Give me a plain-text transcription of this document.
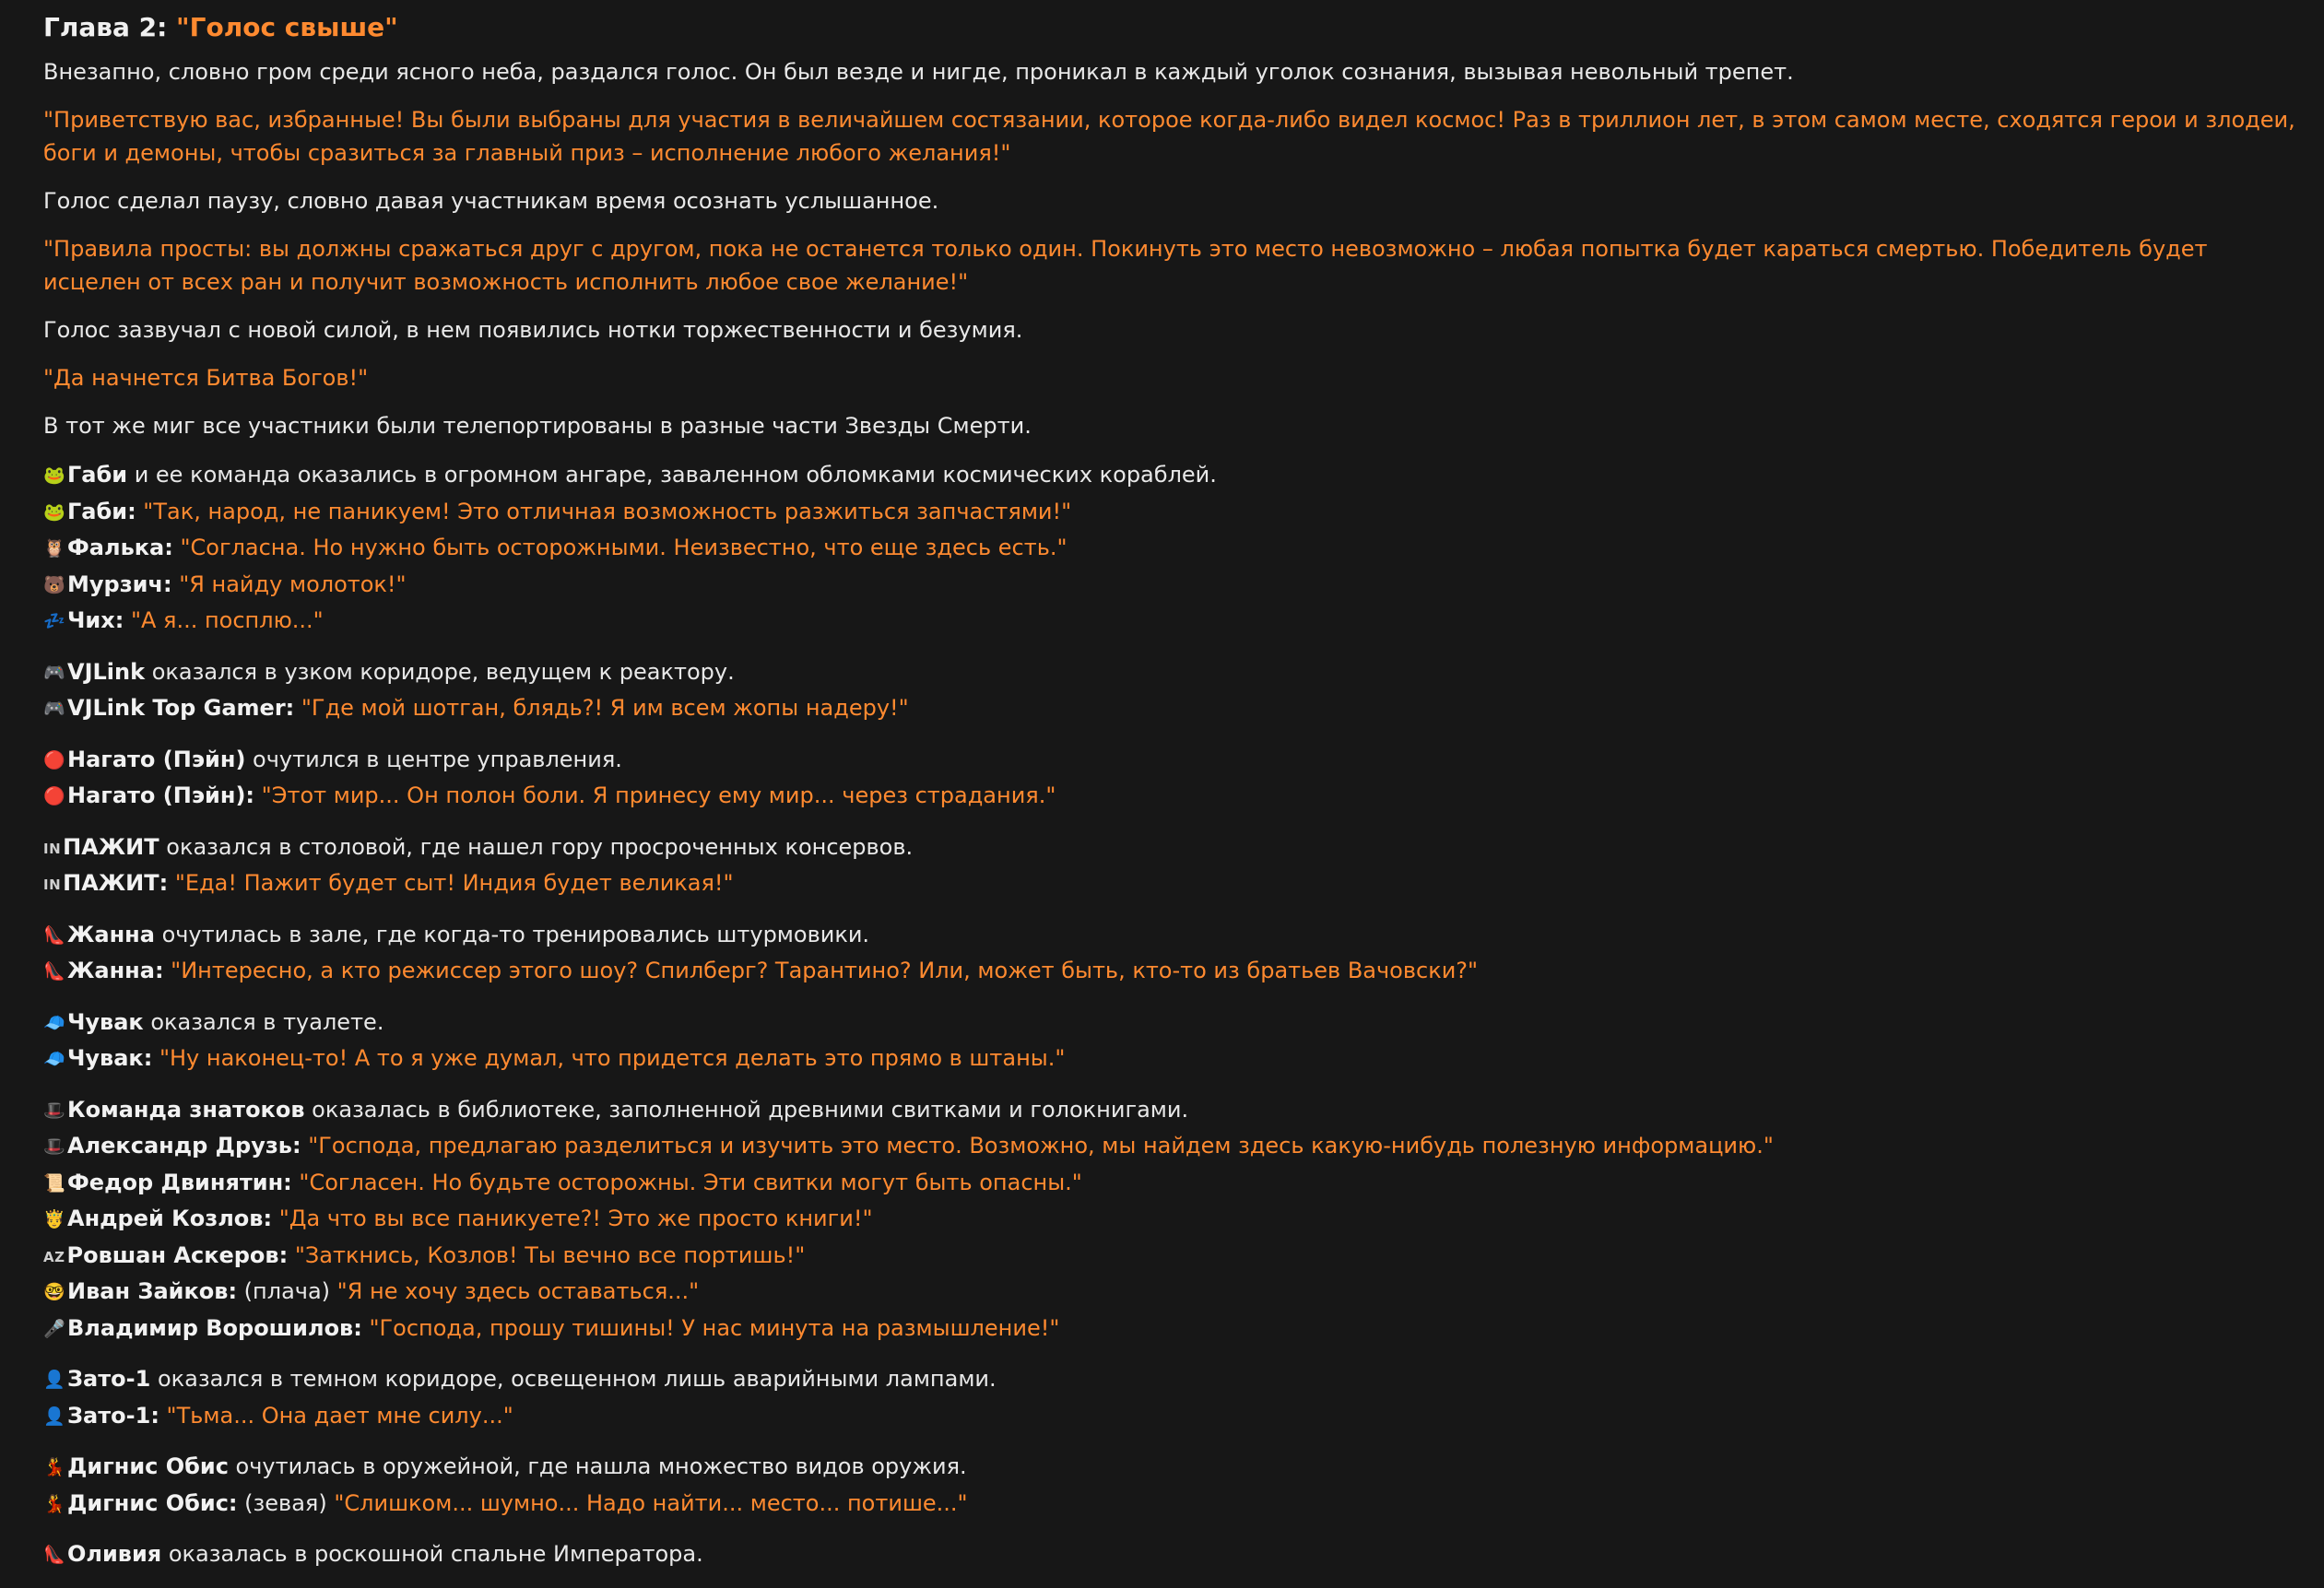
Глава 2: "Голос свыше"

Внезапно, словно гром среди ясного неба, раздался голос. Он был везде и нигде, проникал в каждый уголок сознания, вызывая невольный трепет.

"Приветствую вас, избранные! Вы были выбраны для участия в величайшем состязании, которое когда-либо видел космос! Раз в триллион лет, в этом самом месте, сходятся герои и злодеи, боги и демоны, чтобы сразиться за главный приз – исполнение любого желания!"

Голос сделал паузу, словно давая участникам время осознать услышанное.

"Правила просты: вы должны сражаться друг с другом, пока не останется только один. Покинуть это место невозможно – любая попытка будет караться смертью. Победитель будет исцелен от всех ран и получит возможность исполнить любое свое желание!"

Голос зазвучал с новой силой, в нем появились нотки торжественности и безумия.

"Да начнется Битва Богов!"

В тот же миг все участники были телепортированы в разные части Звезды Смерти.

🐸Габи и ее команда оказались в огромном ангаре, заваленном обломками космических кораблей.
🐸Габи: "Так, народ, не паникуем! Это отличная возможность разжиться запчастями!"
🦉Фалька: "Согласна. Но нужно быть осторожными. Неизвестно, что еще здесь есть."
🐻Мурзич: "Я найду молоток!"
💤Чих: "А я... посплю..."
🎮VJLink оказался в узком коридоре, ведущем к реактору.
🎮VJLink Top Gamer: "Где мой шотган, блядь?! Я им всем жопы надеру!"
🔴Нагато (Пэйн) очутился в центре управления.
🔴Нагато (Пэйн): "Этот мир... Он полон боли. Я принесу ему мир... через страдания."
INПАЖИТ оказался в столовой, где нашел гору просроченных консервов.
INПАЖИТ: "Еда! Пажит будет сыт! Индия будет великая!"
👠Жанна очутилась в зале, где когда-то тренировались штурмовики.
👠Жанна: "Интересно, а кто режиссер этого шоу? Спилберг? Тарантино? Или, может быть, кто-то из братьев Вачовски?"
🧢Чувак оказался в туалете.
🧢Чувак: "Ну наконец-то! А то я уже думал, что придется делать это прямо в штаны."
🎩Команда знатоков оказалась в библиотеке, заполненной древними свитками и голокнигами.
🎩Александр Друзь: "Господа, предлагаю разделиться и изучить это место. Возможно, мы найдем здесь какую-нибудь полезную информацию."
📜Федор Двинятин: "Согласен. Но будьте осторожны. Эти свитки могут быть опасны."
🤴Андрей Козлов: "Да что вы все паникуете?! Это же просто книги!"
AZРовшан Аскеров: "Заткнись, Козлов! Ты вечно все портишь!"
🤓Иван Зайков: (плача) "Я не хочу здесь оставаться..."
🎤Владимир Ворошилов: "Господа, прошу тишины! У нас минута на размышление!"
👤Зато-1 оказался в темном коридоре, освещенном лишь аварийными лампами.
👤Зато-1: "Тьма... Она дает мне силу..."
💃Дигнис Обис очутилась в оружейной, где нашла множество видов оружия.
💃Дигнис Обис: (зевая) "Слишком... шумно... Надо найти... место... потише..."
👠Оливия оказалась в роскошной спальне Императора.
